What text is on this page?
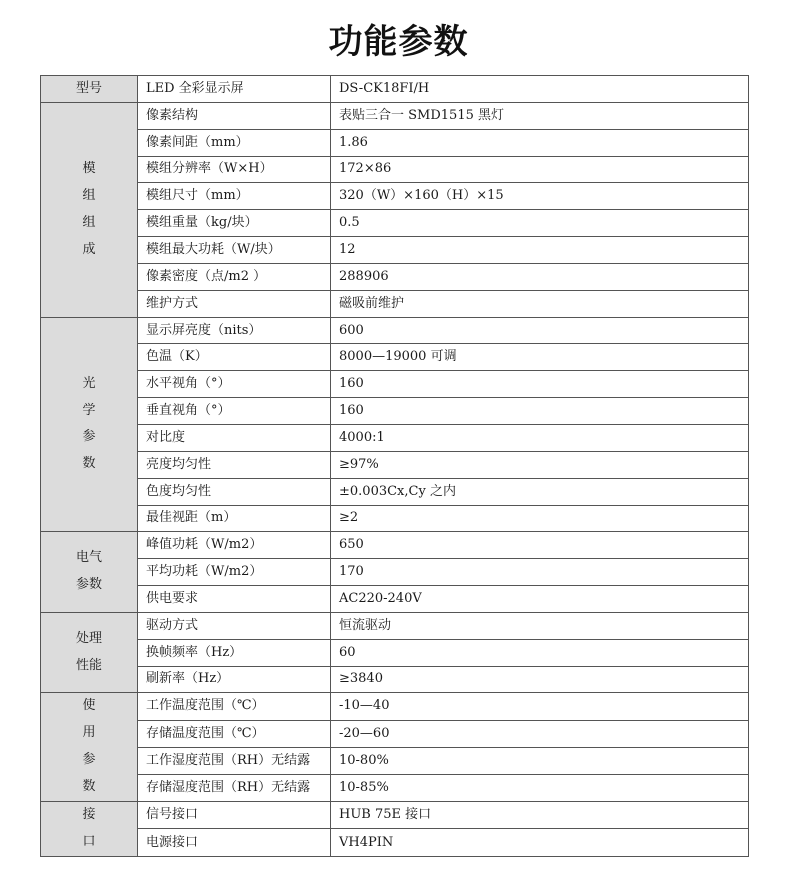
功能参数
型号	LED 全彩显示屏	DS-CK18FI/H

模
组
组
成	像素结构	表贴三合一 SMD1515 黑灯
	像素间距（mm）	1.86
	模组分辨率（W×H）	172×86
	模组尺寸（mm）	320（W）×160（H）×15
	模组重量（kg/块）	0.5
	模组最大功耗（W/块）	12
	像素密度（点/m2 ）	288906
	维护方式	磁吸前维护

光
学
参
数	显示屏亮度（nits）	600
	色温（K）	8000—19000 可调
	水平视角（°）	160
	垂直视角（°）	160
	对比度	4000:1
	亮度均匀性	≥97%
	色度均匀性	±0.003Cx,Cy 之内
	最佳视距（m）	≥2

电气
参数	峰值功耗（W/m2）	650
	平均功耗（W/m2）	170
	供电要求	AC220-240V

处理
性能	驱动方式	恒流驱动
	换帧频率（Hz）	60
	刷新率（Hz）	≥3840

使
用
参
数	工作温度范围（℃）	-10—40
	存储温度范围（℃）	-20—60
	工作湿度范围（RH）无结露	10-80%
	存储湿度范围（RH）无结露	10-85%

接
口	信号接口	HUB 75E 接口
	电源接口	VH4PIN
